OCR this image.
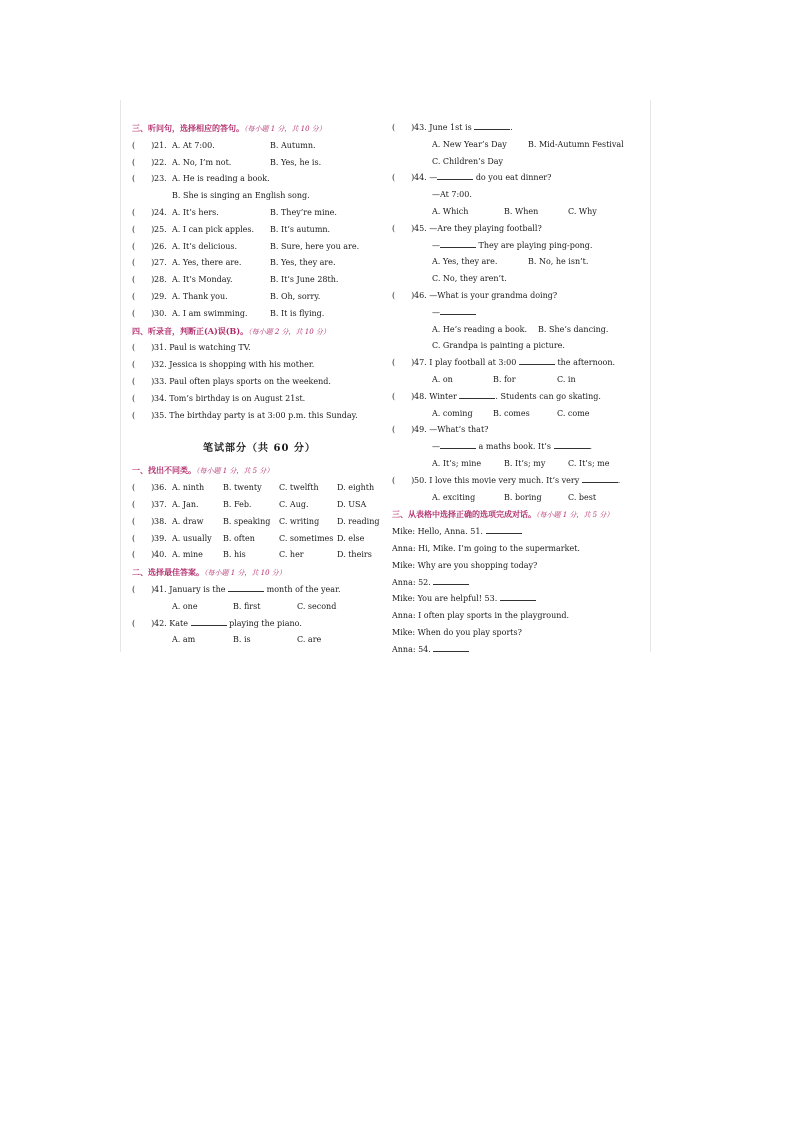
三、听问句，选择相应的答句。（每小题 1 分，共 10 分）
(　　) 21. A. At 7:00.	B. Autumn.
(　　) 22. A. No, I’m not.	B. Yes, he is.
(　　) 23. A. He is reading a book.
B. She is singing an English song.
(　　) 24. A. It’s hers.	B. They’re mine.
(　　) 25. A. I can pick apples. B. It’s autumn.
(　　) 26. A. It’s delicious.	B. Sure, here you are.
(　　) 27. A. Yes, there are.	B. Yes, they are.
(　　) 28. A. It’s Monday.	B. It’s June 28th.
(　　) 29. A. Thank you.	B. Oh, sorry.
(　　) 30. A. I am swimming.	B. It is flying.
四、听录音，判断正(A)误(B)。（每小题 2 分，共 10 分）
(　　) 31. Paul is watching TV.
(　　) 32. Jessica is shopping with his mother.
(　　) 33. Paul often plays sports on the weekend.
(　　) 34. Tom’s birthday is on August 21st.
(　　) 35. The birthday party is at 3:00 p.m. this Sunday.
笔试部分（共 60 分）
一、找出不同类。（每小题 1 分，共 5 分）
(　　) 36. A. ninth B. twenty C. twelfth D. eighth
(　　) 37. A. Jan.	B. Feb.	C. Aug.	D. USA
(　　) 38. A. draw B. speaking C. writing D. reading
(　　) 39. A. usually B. often	C. sometimes D. else
(　　) 40. A. mine	B. his	C. her	D. theirs
二、选择最佳答案。（每小题 1 分，共 10 分）
(　　) 41. January is the	month of the year.
A. one	B. first	C. second
(　　) 42. Kate	playing the piano.
A. am	B. is	C. are
(　　) 43. June 1st is	.
A. New Year’s Day	B. Mid-Autumn Festival
C. Children’s Day
(　　) 44. —	do you eat dinner?
—At 7:00.
A. Which	B. When	C. Why
(　　) 45. —Are they playing football?
—	They are playing ping-pong.
A. Yes, they are.	B. No, he isn’t.
C. No, they aren’t.
(　　) 46. —What is your grandma doing?
—
A. He’s reading a book. B. She’s dancing.
C. Grandpa is painting a picture.
(　　) 47. I play football at 3:00	the afternoon.
A. on	B. for	C. in
(　　) 48. Winter	. Students can go skating.
A. coming	B. comes	C. come
(　　) 49. —What’s that?
—	a maths book. It’s	.
A. It’s; mine	B. It’s; my	C. It’s; me
(　　) 50. I love this movie very much. It’s very	.
A. exciting	B. boring	C. best
三、从表格中选择正确的选项完成对话。（每小题 1 分，共 5 分）
Mike: Hello, Anna. 51.
Anna: Hi, Mike. I’m going to the supermarket.
Mike: Why are you shopping today?
Anna: 52.
Mike: You are helpful! 53.
Anna: I often play sports in the playground.
Mike: When do you play sports?
Anna: 54.
